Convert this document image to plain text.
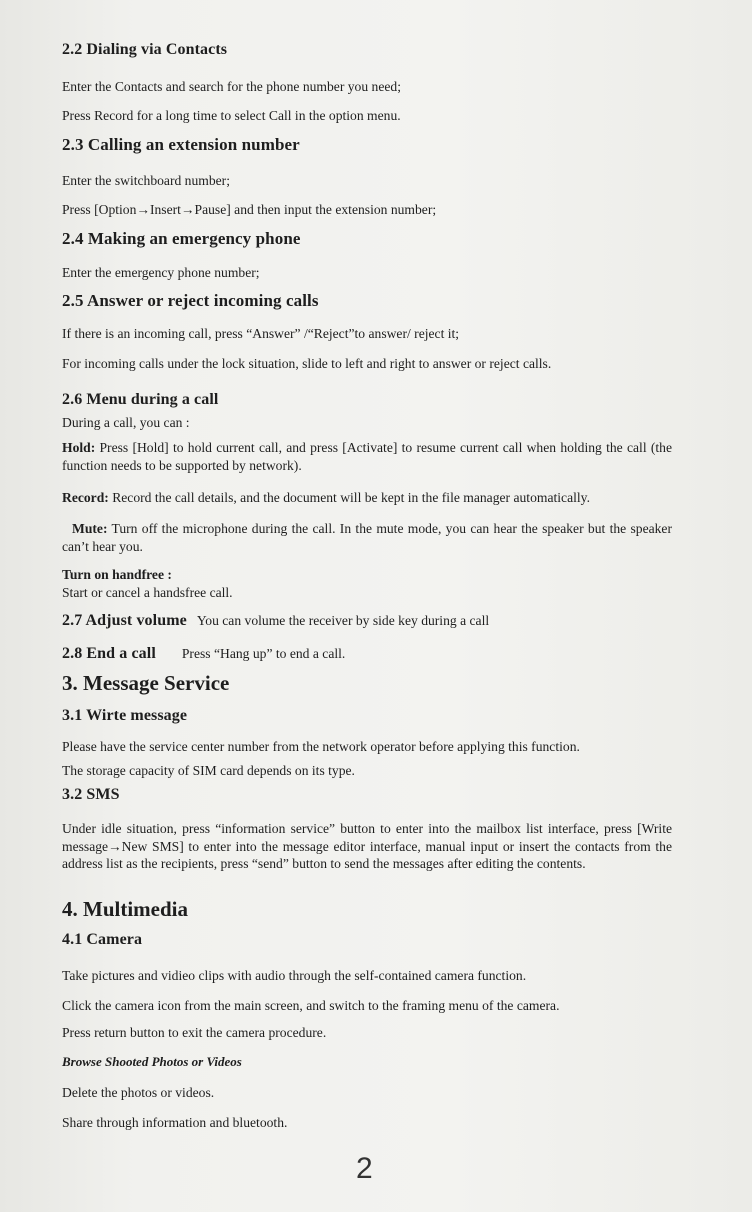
2.2 Dialing via Contacts
Enter the Contacts and search for the phone number you need;
Press Record for a long time to select Call in the option menu.
2.3 Calling an extension number
Enter the switchboard number;
Press [Option→Insert→Pause] and then input the extension number;
2.4 Making an emergency phone
Enter the emergency phone number;
2.5 Answer or reject incoming calls
If there is an incoming call, press “Answer” /“Reject”to answer/ reject it;
For incoming calls under the lock situation, slide to left and right to answer or reject calls.
2.6 Menu during a call
During a call, you can :
Hold: Press [Hold] to hold current call, and press [Activate] to resume current call when holding the call (the function needs to be supported by network).
Record: Record the call details, and the document will be kept in the file manager automatically.
Mute: Turn off the microphone during the call. In the mute mode, you can hear the speaker but the speaker can’t hear you.
Turn on handfree :
Start or cancel a handsfree call.
2.7 Adjust volume You can volume the receiver by side key during a call
2.8 End a call Press “Hang up” to end a call.
3. Message Service
3.1 Wirte message
Please have the service center number from the network operator before applying this function.
The storage capacity of SIM card depends on its type.
3.2 SMS
Under idle situation, press “information service” button to enter into the mailbox list interface, press [Write message→New SMS] to enter into the message editor interface, manual input or insert the contacts from the address list as the recipients, press “send” button to send the messages after editing the contents.
4. Multimedia
4.1 Camera
Take pictures and vidieo clips with audio through the self-contained camera function.
Click the camera icon from the main screen, and switch to the framing menu of the camera.
Press return button to exit the camera procedure.
Browse Shooted Photos or Videos
Delete the photos or videos.
Share through information and bluetooth.
2
